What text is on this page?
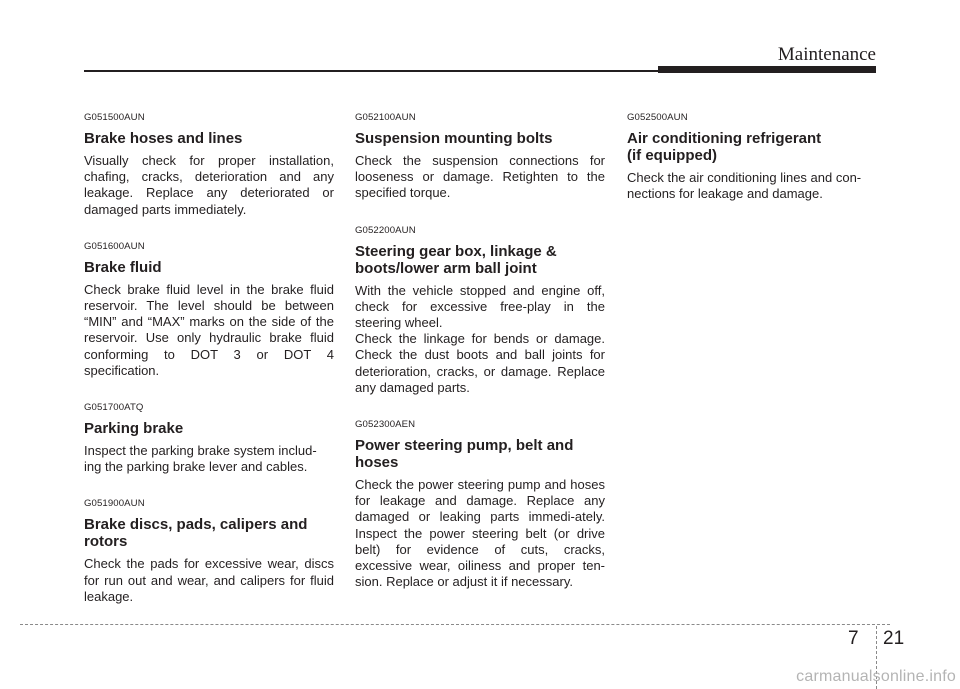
Maintenance
G051500AUN
Brake hoses and lines

Visually check for proper installation, chafing, cracks, deterioration and any leakage. Replace any deteriorated or damaged parts immediately.

G051600AUN
Brake fluid

Check brake fluid level in the brake fluid reservoir. The level should be between “MIN” and “MAX” marks on the side of the reservoir. Use only hydraulic brake fluid conforming to DOT 3 or DOT 4 specification.

G051700ATQ
Parking brake

Inspect the parking brake system includ-
ing the parking brake lever and cables.

G051900AUN
Brake discs, pads, calipers and rotors

Check the pads for excessive wear, discs for run out and wear, and calipers for fluid leakage.

G052100AUN
Suspension mounting bolts

Check the suspension connections for looseness or damage. Retighten to the specified torque.

G052200AUN
Steering gear box, linkage & boots/lower arm ball joint

With the vehicle stopped and engine off, check for excessive free-play in the steering wheel.

Check the linkage for bends or damage. Check the dust boots and ball joints for deterioration, cracks, or damage. Replace any damaged parts.

G052300AEN
Power steering pump, belt and hoses

Check the power steering pump and hoses for leakage and damage. Replace any damaged or leaking parts immedi-ately. Inspect the power steering belt (or drive belt) for evidence of cuts, cracks, excessive wear, oiliness and proper ten-sion. Replace or adjust it if necessary.

G052500AUN
Air conditioning refrigerant
(if equipped)

Check the air conditioning lines and con-
nections for leakage and damage.

7 21
carmanualsonline.info
